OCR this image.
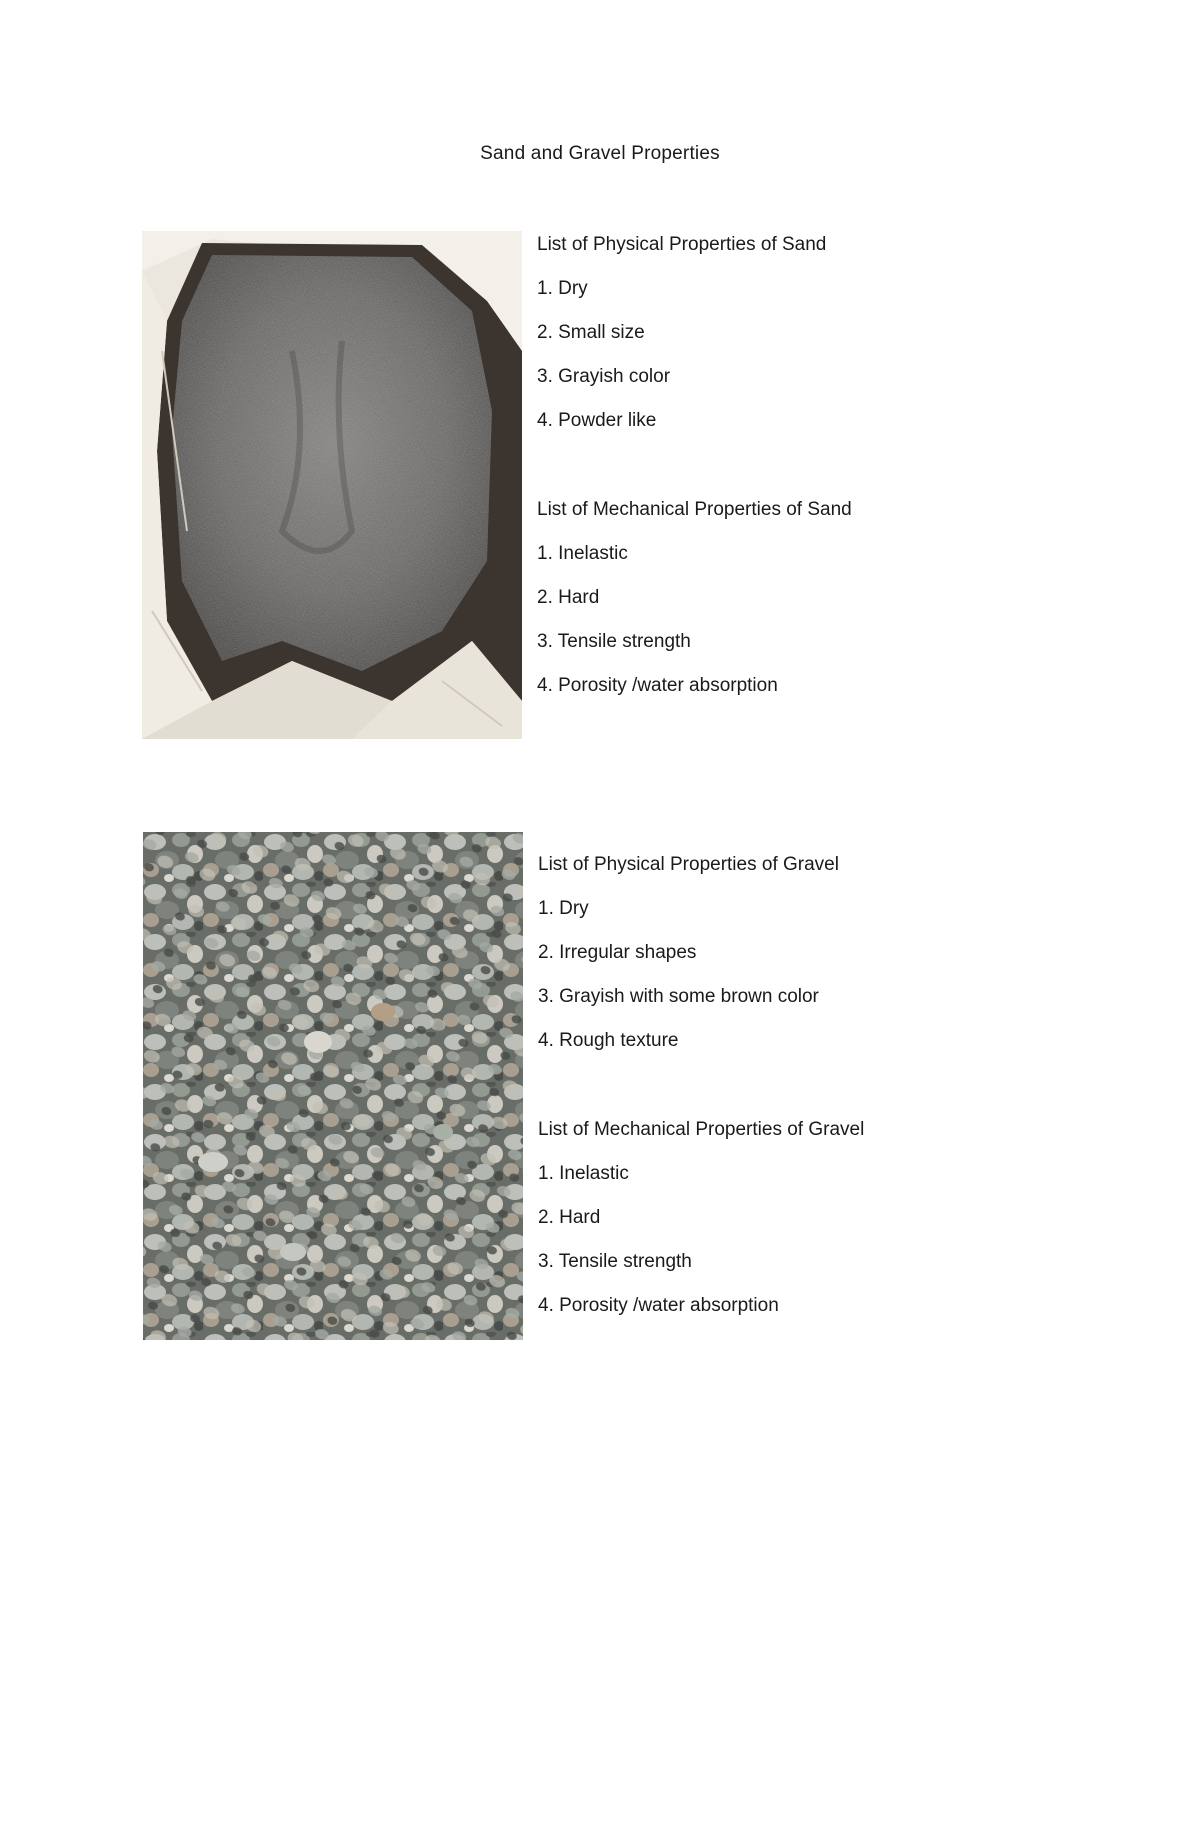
Sand and Gravel Properties
List of Physical Properties of Sand
1. Dry
2. Small size
3. Grayish color
4. Powder like
List of Mechanical Properties of Sand
1. Inelastic
2. Hard
3. Tensile strength
4. Porosity /water absorption
List of Physical Properties of Gravel
1. Dry
2. Irregular shapes
3. Grayish with some brown color
4. Rough texture
List of Mechanical Properties of Gravel
1. Inelastic
2. Hard
3. Tensile strength
4. Porosity /water absorption
